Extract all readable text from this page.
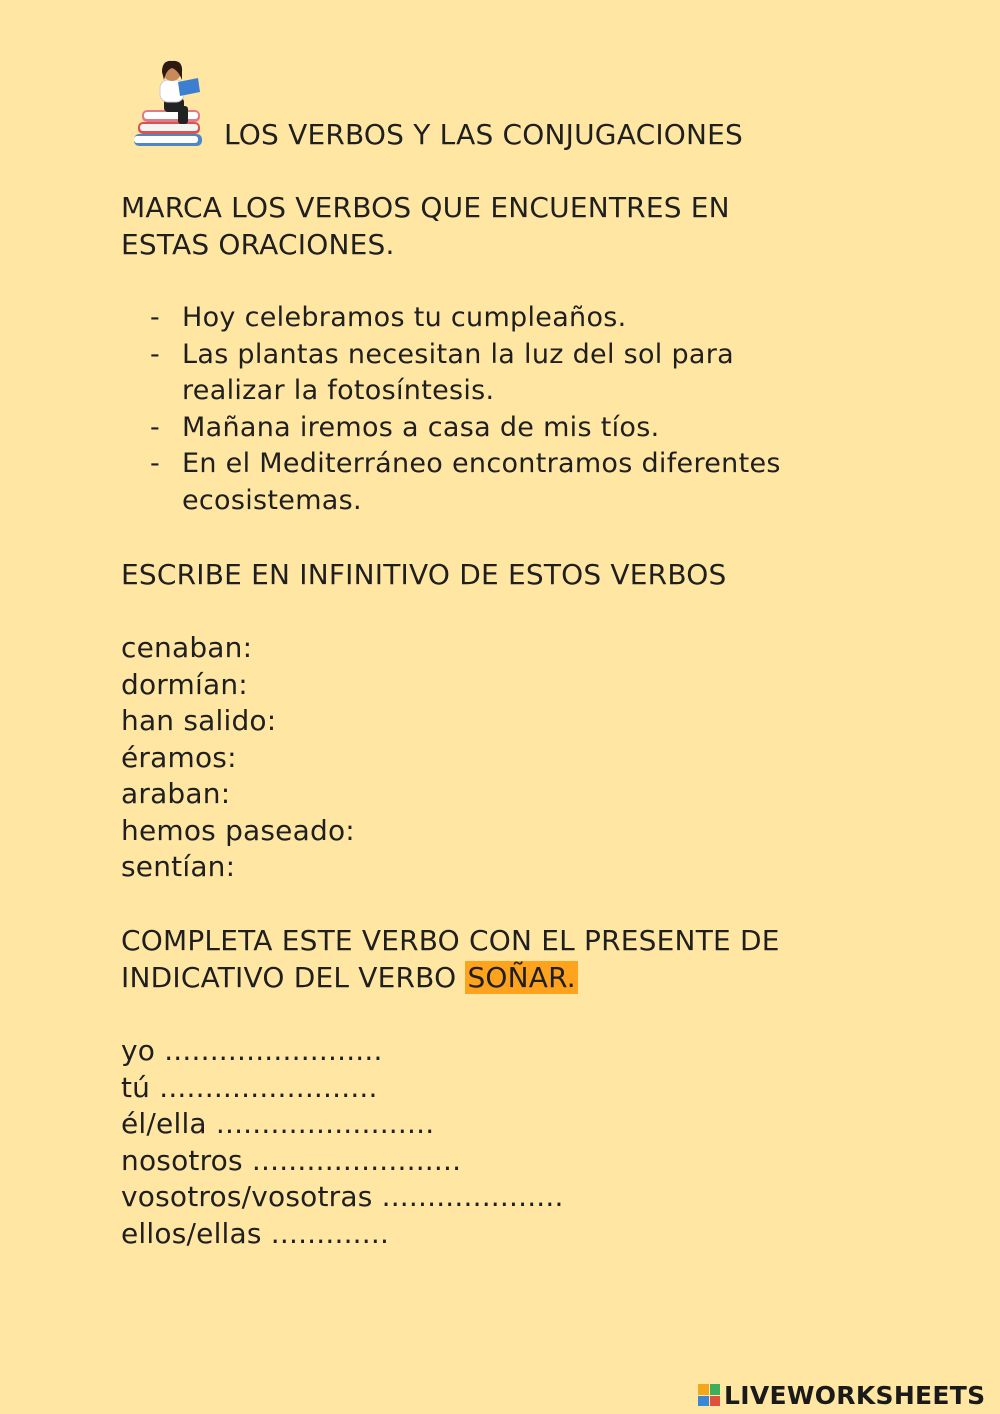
LOS VERBOS Y LAS CONJUGACIONES
MARCA LOS VERBOS QUE ENCUENTRES EN
ESTAS ORACIONES.
- Hoy celebramos tu cumpleaños.
- Las plantas necesitan la luz del sol para
realizar la fotosíntesis.
- Mañana iremos a casa de mis tíos.
- En el Mediterráneo encontramos diferentes
ecosistemas.
ESCRIBE EN INFINITIVO DE ESTOS VERBOS
cenaban:
dormían:
han salido:
éramos:
araban:
hemos paseado:
sentían:
COMPLETA ESTE VERBO CON EL PRESENTE DE
INDICATIVO DEL VERBO SOÑAR.
yo ........................
tú ........................
él/ella ........................
nosotros .......................
vosotros/vosotras ....................
ellos/ellas .............
LIVEWORKSHEETS
